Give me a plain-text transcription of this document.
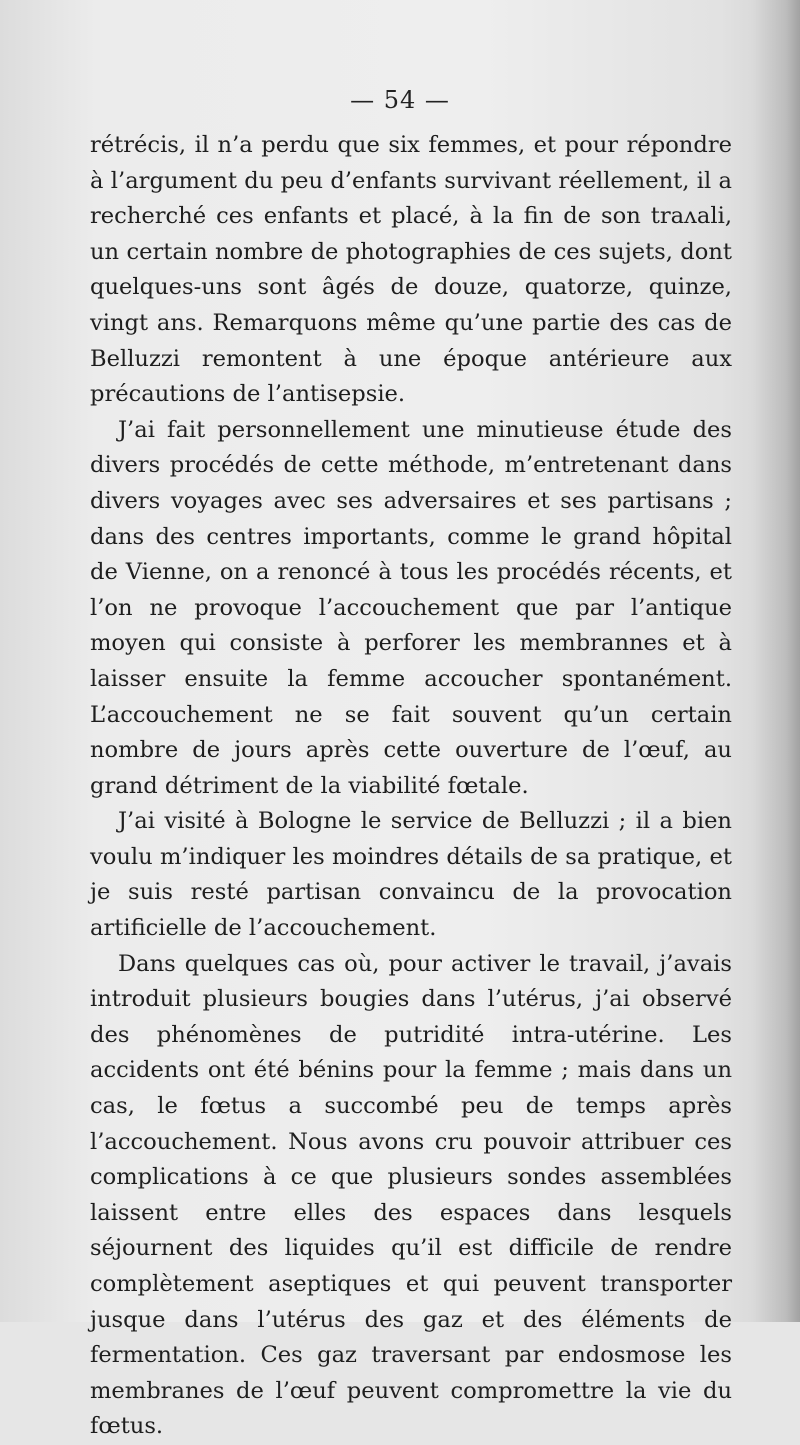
— 54 —

rétrécis, il n’a perdu que six femmes, et pour répondre à l’argument du peu d’enfants survivant réellement, il a recherché ces enfants et placé, à la fin de son traʌali, un certain nombre de photographies de ces sujets, dont quelques-uns sont âgés de douze, quatorze, quinze, vingt ans. Remarquons même qu’une partie des cas de Belluzzi remontent à une époque antérieure aux précautions de l’antisepsie.

J’ai fait personnellement une minutieuse étude des divers procédés de cette méthode, m’entretenant dans divers voyages avec ses adversaires et ses partisans ; dans des centres importants, comme le grand hôpital de Vienne, on a renoncé à tous les procédés récents, et l’on ne provoque l’accouchement que par l’antique moyen qui consiste à perforer les membrannes et à laisser ensuite la femme accoucher spontanément. L’accouchement ne se fait souvent qu’un certain nombre de jours après cette ouverture de l’œuf, au grand détriment de la viabilité fœtale.

J’ai visité à Bologne le service de Belluzzi ; il a bien voulu m’indiquer les moindres détails de sa pratique, et je suis resté partisan convaincu de la provocation artificielle de l’accouchement.

Dans quelques cas où, pour activer le travail, j’avais introduit plusieurs bougies dans l’utérus, j’ai observé des phénomènes de putridité intra-utérine. Les accidents ont été bénins pour la femme ; mais dans un cas, le fœtus a succombé peu de temps après l’accouchement. Nous avons cru pouvoir attribuer ces complications à ce que plusieurs sondes assemblées laissent entre elles des espaces dans lesquels séjournent des liquides qu’il est difficile de rendre complètement aseptiques et qui peuvent transporter jusque dans l’utérus des gaz et des éléments de fermentation. Ces gaz traversant par endosmose les membranes de l’œuf peuvent compromettre la vie du fœtus.
